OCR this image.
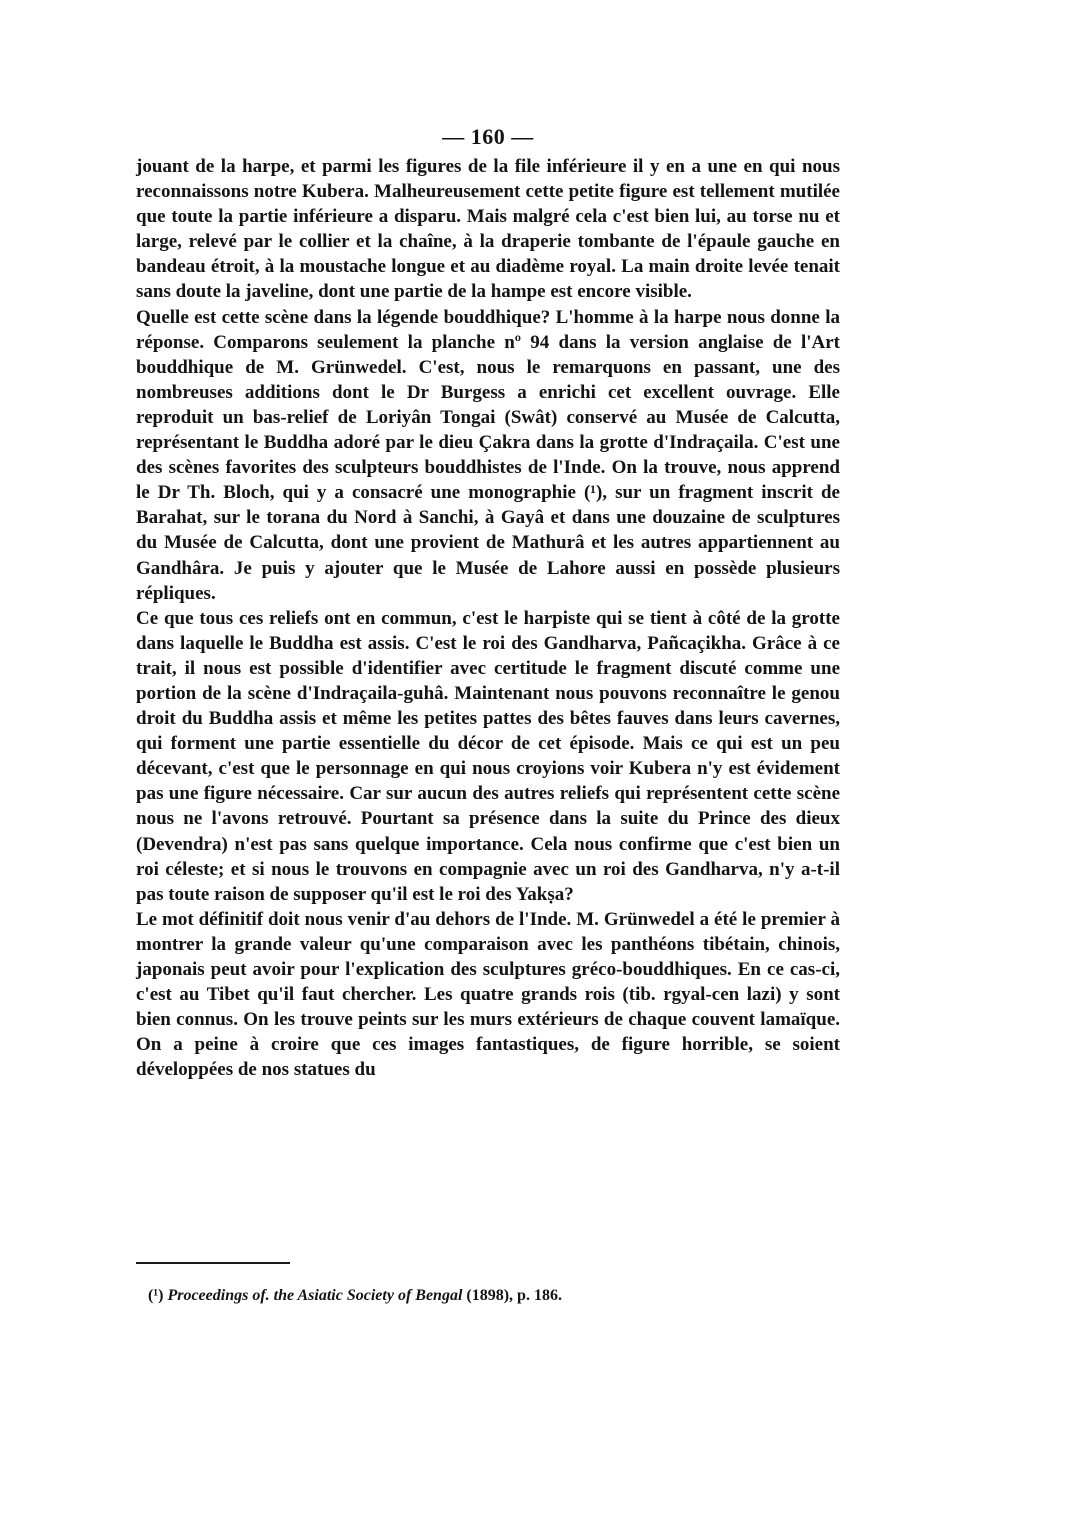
— 160 —

jouant de la harpe, et parmi les figures de la file inférieure il y en a une en qui nous reconnaissons notre Kubera. Malheureusement cette petite figure est tellement mutilée que toute la partie inférieure a disparu. Mais malgré cela c'est bien lui, au torse nu et large, relevé par le collier et la chaîne, à la draperie tombante de l'épaule gauche en bandeau étroit, à la moustache longue et au diadème royal. La main droite levée tenait sans doute la javeline, dont une partie de la hampe est encore visible.

Quelle est cette scène dans la légende bouddhique? L'homme à la harpe nous donne la réponse. Comparons seulement la planche nº 94 dans la version anglaise de l'Art bouddhique de M. Grünwedel. C'est, nous le remarquons en passant, une des nombreuses additions dont le Dr Burgess a enrichi cet excellent ouvrage. Elle reproduit un bas-relief de Loriyân Tongai (Swât) conservé au Musée de Calcutta, représentant le Buddha adoré par le dieu Çakra dans la grotte d'Indraçaila. C'est une des scènes favorites des sculpteurs bouddhistes de l'Inde. On la trouve, nous apprend le Dr Th. Bloch, qui y a consacré une monographie (¹), sur un fragment inscrit de Barahat, sur le torana du Nord à Sanchi, à Gayâ et dans une douzaine de sculptures du Musée de Calcutta, dont une provient de Mathurâ et les autres appartiennent au Gandhâra. Je puis y ajouter que le Musée de Lahore aussi en possède plusieurs répliques.

Ce que tous ces reliefs ont en commun, c'est le harpiste qui se tient à côté de la grotte dans laquelle le Buddha est assis. C'est le roi des Gandharva, Pañcaçikha. Grâce à ce trait, il nous est possible d'identifier avec certitude le fragment discuté comme une portion de la scène d'Indraçaila-guhâ. Maintenant nous pouvons reconnaître le genou droit du Buddha assis et même les petites pattes des bêtes fauves dans leurs cavernes, qui forment une partie essentielle du décor de cet épisode. Mais ce qui est un peu décevant, c'est que le personnage en qui nous croyions voir Kubera n'y est évidement pas une figure nécessaire. Car sur aucun des autres reliefs qui représentent cette scène nous ne l'avons retrouvé. Pourtant sa présence dans la suite du Prince des dieux (Devendra) n'est pas sans quelque importance. Cela nous confirme que c'est bien un roi céleste; et si nous le trouvons en compagnie avec un roi des Gandharva, n'y a-t-il pas toute raison de supposer qu'il est le roi des Yakṣa?

Le mot définitif doit nous venir d'au dehors de l'Inde. M. Grünwedel a été le premier à montrer la grande valeur qu'une comparaison avec les panthéons tibétain, chinois, japonais peut avoir pour l'explication des sculptures gréco-bouddhiques. En ce cas-ci, c'est au Tibet qu'il faut chercher. Les quatre grands rois (tib. rgyal-cen lazi) y sont bien connus. On les trouve peints sur les murs extérieurs de chaque couvent lamaïque. On a peine à croire que ces images fantastiques, de figure horrible, se soient développées de nos statues du

(¹) Proceedings of. the Asiatic Society of Bengal (1898), p. 186.
